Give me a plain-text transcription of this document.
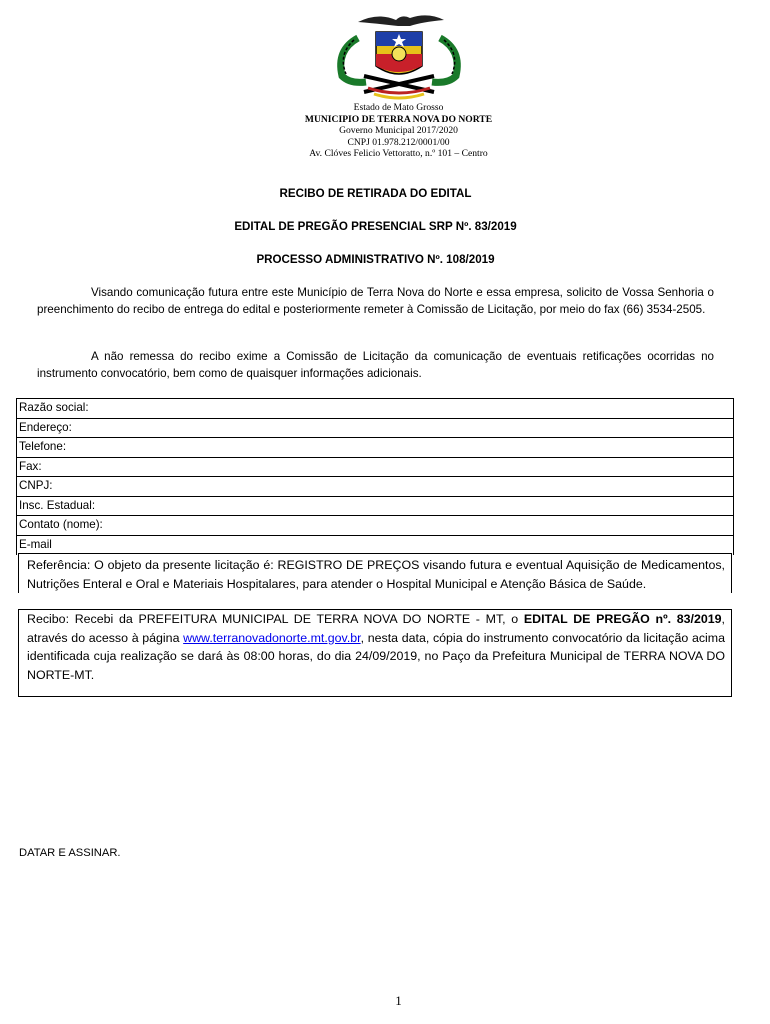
Estado de Mato Grosso
MUNICIPIO DE TERRA NOVA DO NORTE
Governo Municipal 2017/2020
CNPJ 01.978.212/0001/00
Av. Clóves Felicio Vettoratto, n.º 101 – Centro
RECIBO DE RETIRADA DO EDITAL
EDITAL DE PREGÃO PRESENCIAL SRP Nº. 83/2019
PROCESSO ADMINISTRATIVO Nº. 108/2019
Visando comunicação futura entre este Município de Terra Nova do Norte e essa empresa, solicito de Vossa Senhoria o preenchimento do recibo de entrega do edital e posteriormente remeter à Comissão de Licitação, por meio do fax (66) 3534-2505.
A não remessa do recibo exime a Comissão de Licitação da comunicação de eventuais retificações ocorridas no instrumento convocatório, bem como de quaisquer informações adicionais.
Razão social:
Endereço:
Telefone:
Fax:
CNPJ:
Insc. Estadual:
Contato (nome):
E-mail
Referência: O objeto da presente licitação é: REGISTRO DE PREÇOS visando futura e eventual Aquisição de Medicamentos, Nutrições Enteral e Oral e Materiais Hospitalares, para atender o Hospital Municipal e Atenção Básica de Saúde.
Recibo: Recebi da PREFEITURA MUNICIPAL DE TERRA NOVA DO NORTE - MT, o EDITAL DE PREGÃO nº. 83/2019, através do acesso à página www.terranovadonorte.mt.gov.br, nesta data, cópia do instrumento convocatório da licitação acima identificada cuja realização se dará às 08:00 horas, do dia 24/09/2019, no Paço da Prefeitura Municipal de TERRA NOVA DO NORTE-MT.
DATAR E ASSINAR.
1
